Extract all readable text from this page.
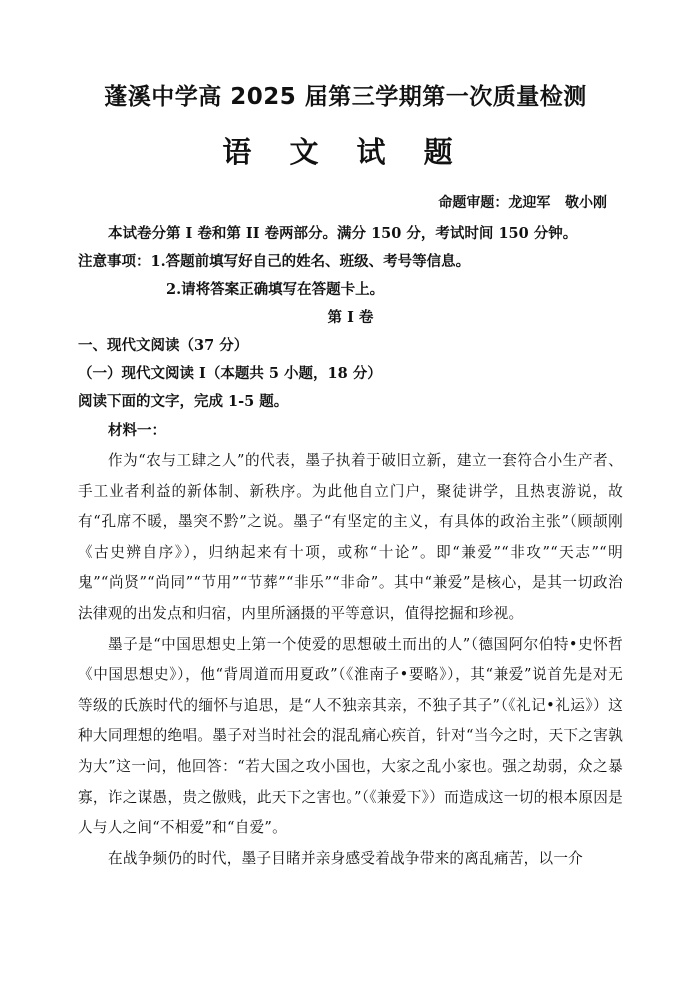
蓬溪中学高 2025 届第三学期第一次质量检测
语 文 试 题
命题审题：龙迎军   敬小刚

本试卷分第 I 卷和第 II 卷两部分。满分 150 分，考试时间 150 分钟。

注意事项：1.答题前填写好自己的姓名、班级、考号等信息。

2.请将答案正确填写在答题卡上。

第 I 卷

一、现代文阅读（37 分）

（一）现代文阅读 I（本题共 5 小题，18 分）

阅读下面的文字，完成 1-5 题。

材料一：

作为“农与工肆之人”的代表，墨子执着于破旧立新，建立一套符合小生产者、手工业者利益的新体制、新秩序。为此他自立门户，聚徒讲学，且热衷游说，故有“孔席不暖，墨突不黔”之说。墨子“有坚定的主义，有具体的政治主张”（顾颉刚《古史辨自序》），归纳起来有十项，或称“十论”。即“兼爱”“非攻”“天志”“明鬼”“尚贤”“尚同”“节用”“节葬”“非乐”“非命”。其中“兼爱”是核心，是其一切政治法律观的出发点和归宿，内里所涵摄的平等意识，值得挖掘和珍视。

墨子是“中国思想史上第一个使爱的思想破土而出的人”（德国阿尔伯特•史怀哲《中国思想史》），他“背周道而用夏政”（《淮南子•要略》），其“兼爱”说首先是对无等级的氏族时代的缅怀与追思，是“人不独亲其亲，不独子其子”（《礼记•礼运》）这种大同理想的绝唱。墨子对当时社会的混乱痛心疾首，针对“当今之时，天下之害孰为大”这一问，他回答：“若大国之攻小国也，大家之乱小家也。强之劫弱，众之暴寡，诈之谋愚，贵之傲贱，此天下之害也。”（《兼爱下》）而造成这一切的根本原因是人与人之间“不相爱”和“自爱”。

在战争频仍的时代，墨子目睹并亲身感受着战争带来的离乱痛苦，以一介
